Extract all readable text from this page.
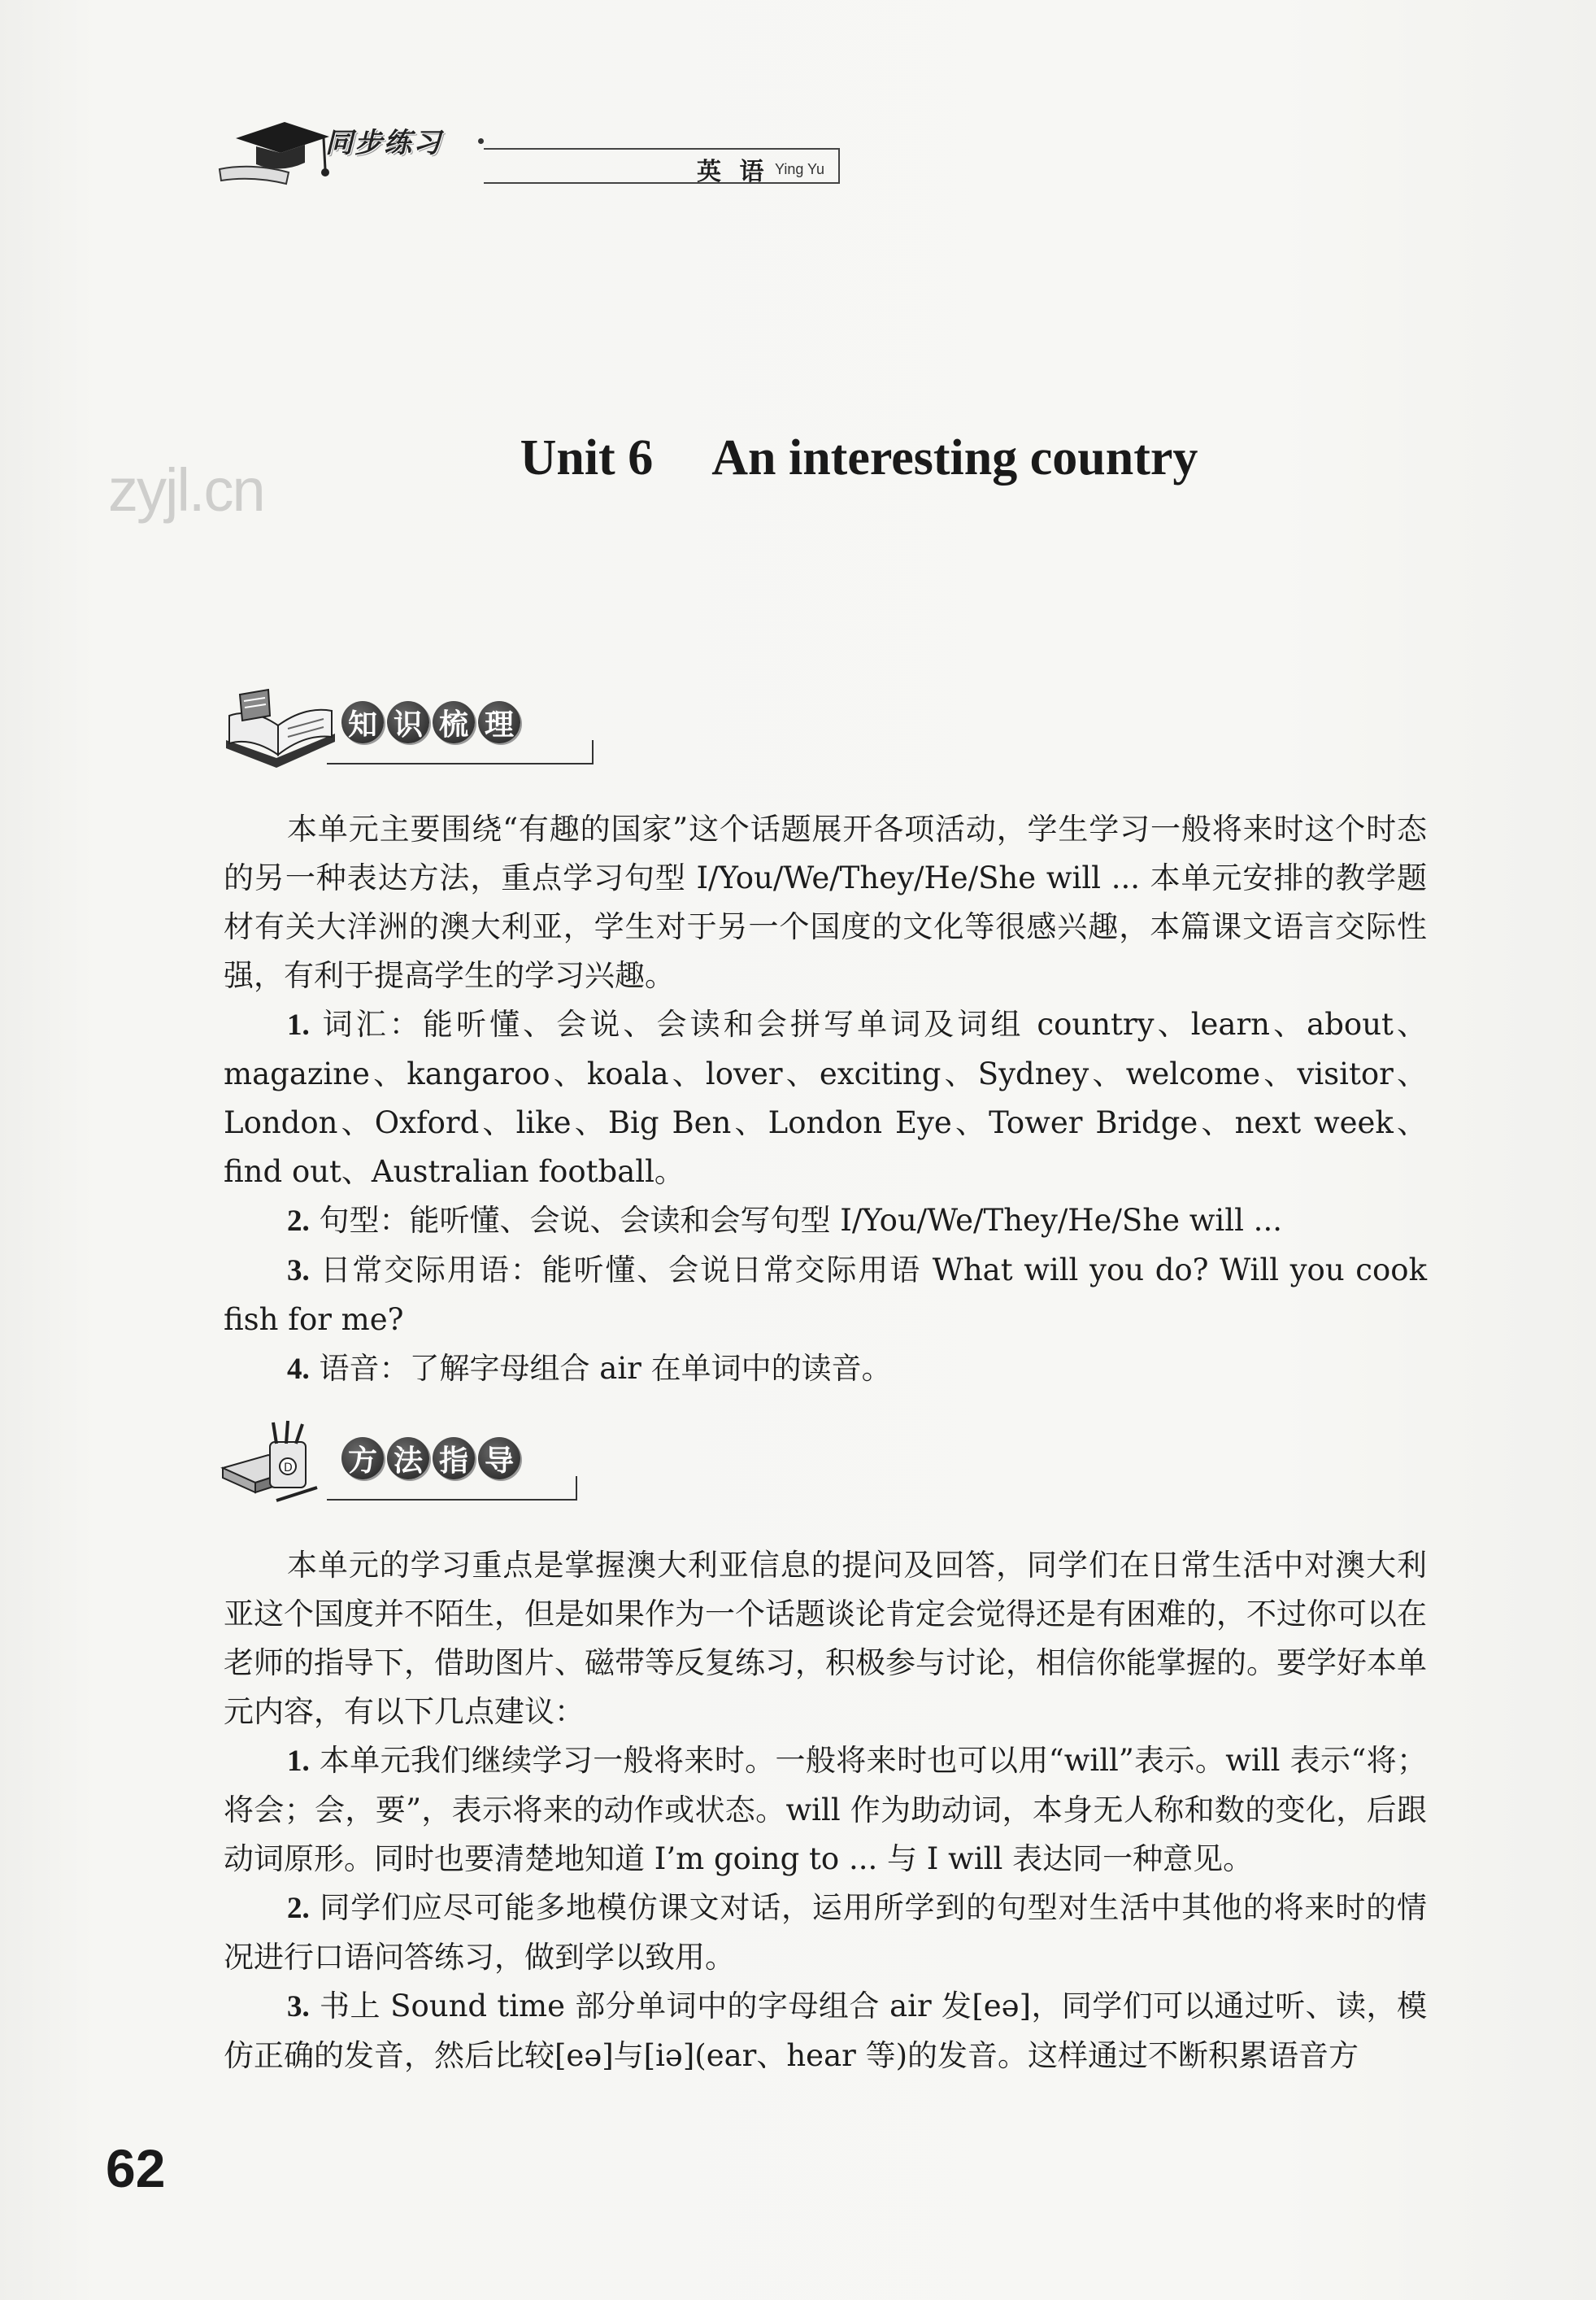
同步练习
英 语 Ying Yu
zyjl.cn	Unit 6 An interesting country
知 识 梳 理

本单元主要围绕“有趣的国家”这个话题展开各项活动，学生学习一般将来时这个时态的另一种表达方法，重点学习句型 I/You/We/They/He/She will ... 本单元安排的教学题材有关大洋洲的澳大利亚，学生对于另一个国度的文化等很感兴趣，本篇课文语言交际性强，有利于提高学生的学习兴趣。

1. 词汇：能听懂、会说、会读和会拼写单词及词组 country、learn、about、magazine、kangaroo、koala、lover、exciting、Sydney、welcome、visitor、London、Oxford、like、Big Ben、London Eye、Tower Bridge、next week、find out、Australian football。

2. 句型：能听懂、会说、会读和会写句型 I/You/We/They/He/She will ...

3. 日常交际用语：能听懂、会说日常交际用语 What will you do? Will you cook fish for me?

4. 语音：了解字母组合 air 在单词中的读音。

D 方 法 指 导

本单元的学习重点是掌握澳大利亚信息的提问及回答，同学们在日常生活中对澳大利亚这个国度并不陌生，但是如果作为一个话题谈论肯定会觉得还是有困难的，不过你可以在老师的指导下，借助图片、磁带等反复练习，积极参与讨论，相信你能掌握的。要学好本单元内容，有以下几点建议：

1. 本单元我们继续学习一般将来时。一般将来时也可以用“will”表示。will 表示“将；将会；会，要”，表示将来的动作或状态。will 作为助动词，本身无人称和数的变化，后跟动词原形。同时也要清楚地知道 I’m going to ... 与 I will 表达同一种意见。

2. 同学们应尽可能多地模仿课文对话，运用所学到的句型对生活中其他的将来时的情况进行口语问答练习，做到学以致用。

3. 书上 Sound time 部分单词中的字母组合 air 发[eə]，同学们可以通过听、读，模仿正确的发音，然后比较[eə]与[iə](ear、hear 等)的发音。这样通过不断积累语音方

62
